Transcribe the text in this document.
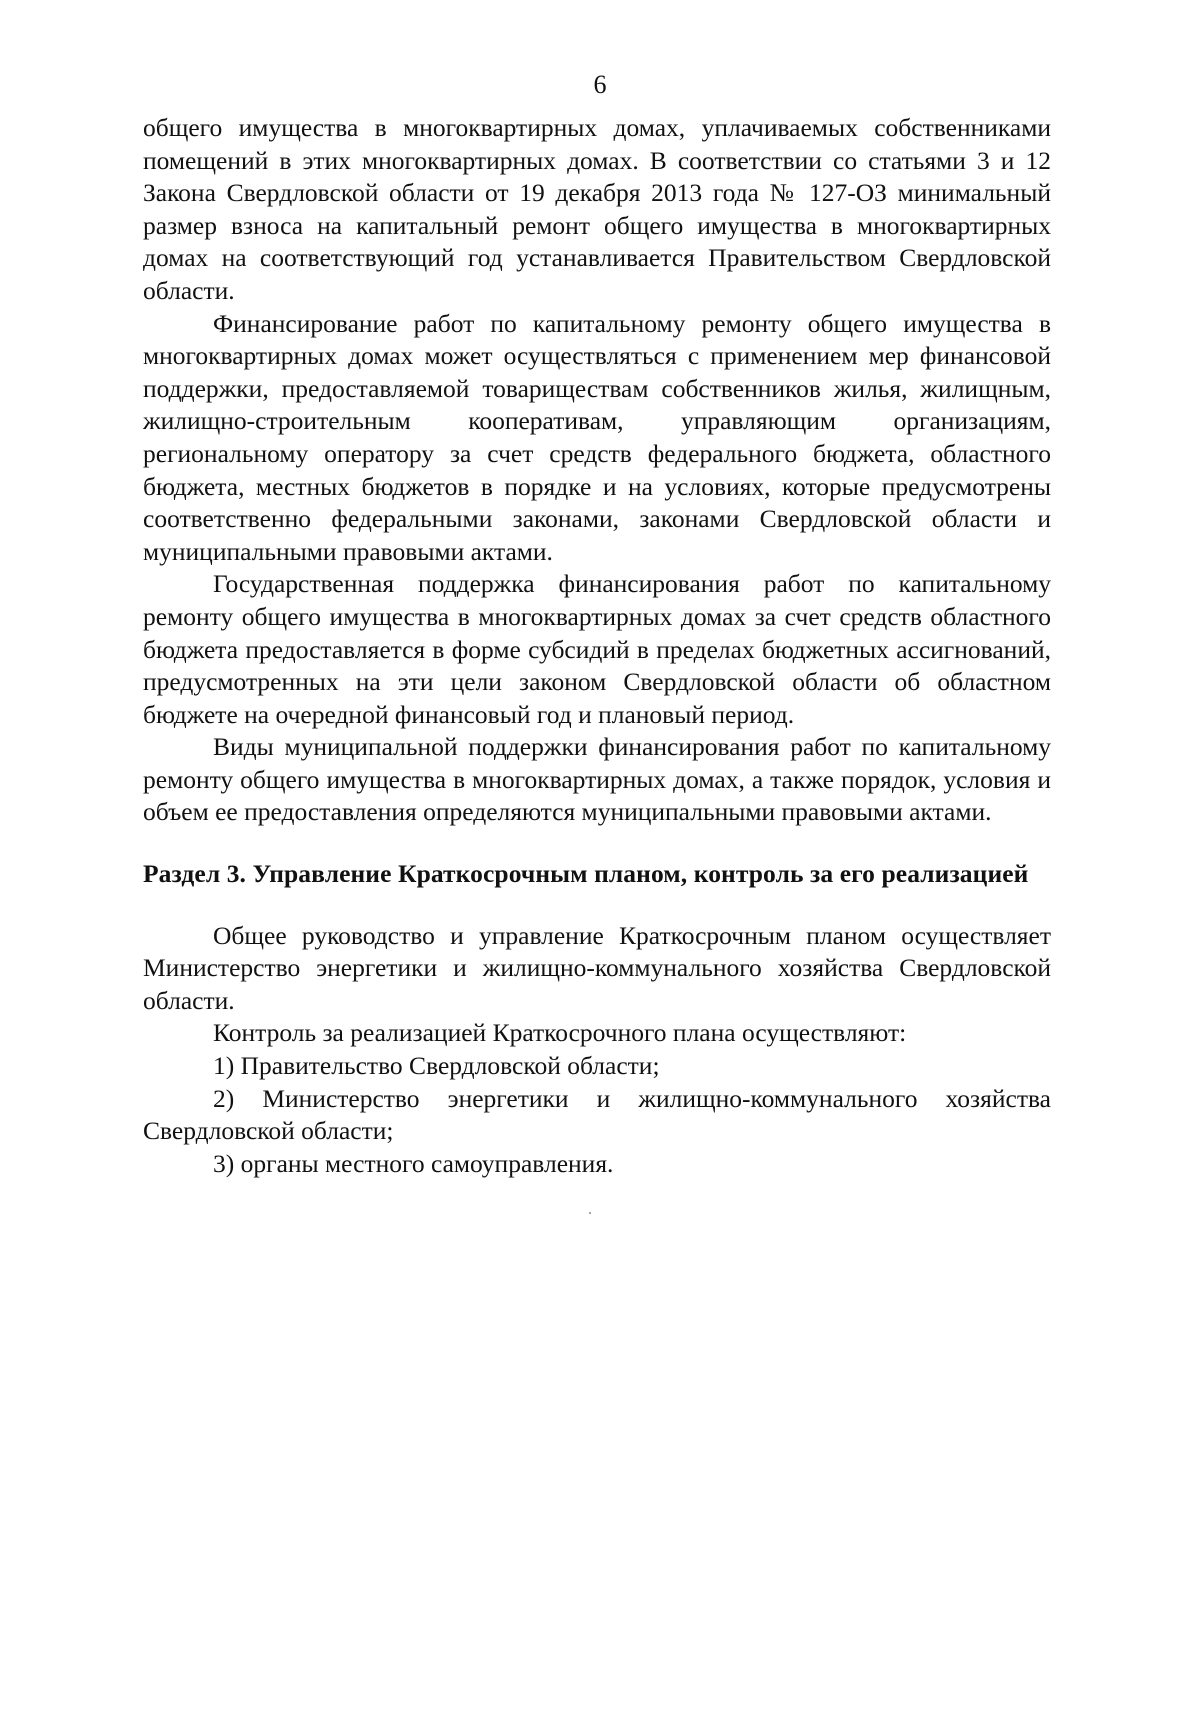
6

общего имущества в многоквартирных домах, уплачиваемых собственниками помещений в этих многоквартирных домах. В соответствии со статьями 3 и 12 Закона Свердловской области от 19 декабря 2013 года № 127-ОЗ минимальный размер взноса на капитальный ремонт общего имущества в многоквартирных домах на соответствующий год устанавливается Правительством Свердловской области.

Финансирование работ по капитальному ремонту общего имущества в многоквартирных домах может осуществляться с применением мер финансовой поддержки, предоставляемой товариществам собственников жилья, жилищным, жилищно-строительным кооперативам, управляющим организациям, региональному оператору за счет средств федерального бюджета, областного бюджета, местных бюджетов в порядке и на условиях, которые предусмотрены соответственно федеральными законами, законами Свердловской области и муниципальными правовыми актами.

Государственная поддержка финансирования работ по капитальному ремонту общего имущества в многоквартирных домах за счет средств областного бюджета предоставляется в форме субсидий в пределах бюджетных ассигнований, предусмотренных на эти цели законом Свердловской области об областном бюджете на очередной финансовый год и плановый период.

Виды муниципальной поддержки финансирования работ по капитальному ремонту общего имущества в многоквартирных домах, а также порядок, условия и объем ее предоставления определяются муниципальными правовыми актами.

Раздел 3. Управление Краткосрочным планом, контроль за его реализацией

Общее руководство и управление Краткосрочным планом осуществляет Министерство энергетики и жилищно-коммунального хозяйства Свердловской области.

Контроль за реализацией Краткосрочного плана осуществляют:

1) Правительство Свердловской области;

2) Министерство энергетики и жилищно-коммунального хозяйства Свердловской области;

3) органы местного самоуправления.
